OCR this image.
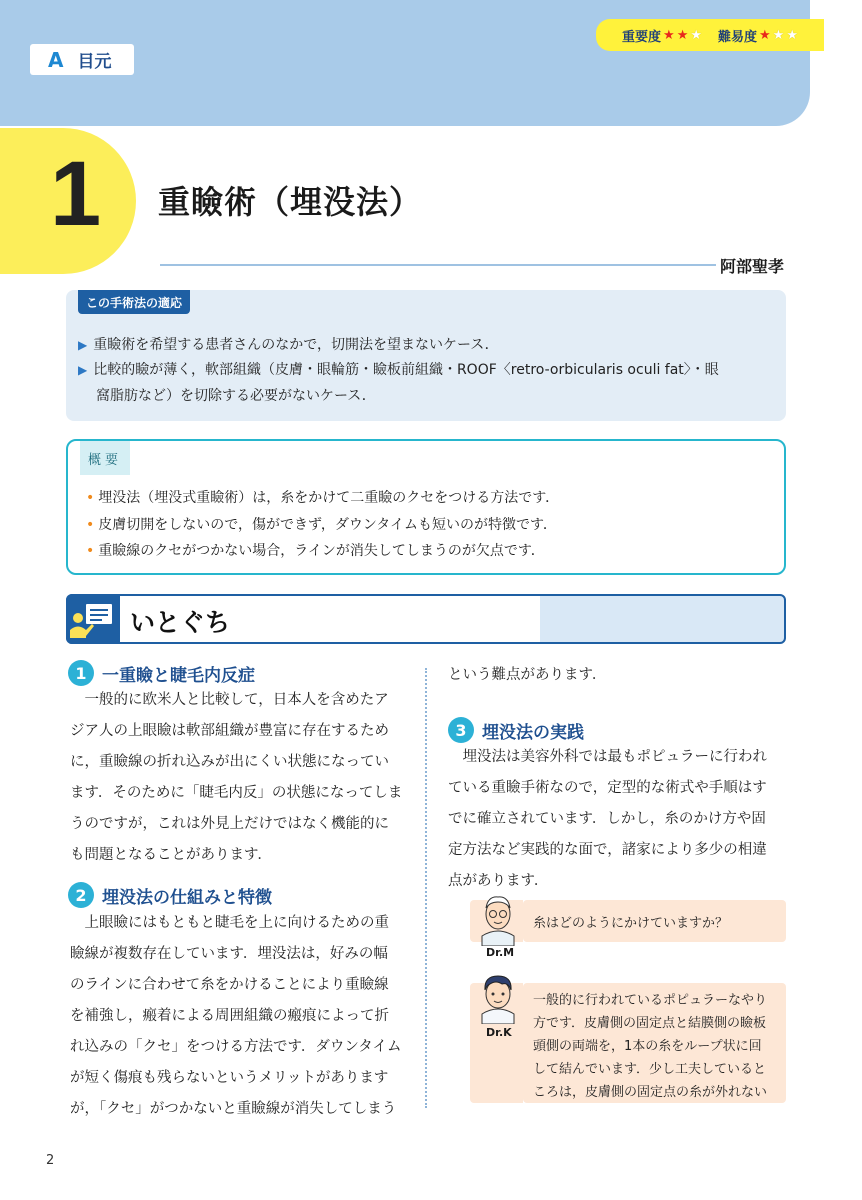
A 目元
重要度 ★ ★ ★ 難易度 ★ ★ ★
1 重瞼術（埋没法）
阿部聖孝
この手術法の適応
▶ 重瞼術を希望する患者さんのなかで，切開法を望まないケース．
▶ 比較的瞼が薄く，軟部組織（皮膚・眼輪筋・瞼板前組織・ROOF〈retro-orbicularis oculi fat〉・眼
窩脂肪など）を切除する必要がないケース．
概要
• 埋没法（埋没式重瞼術）は，糸をかけて二重瞼のクセをつける方法です．
• 皮膚切開をしないので，傷ができず，ダウンタイムも短いのが特徴です．
• 重瞼線のクセがつかない場合，ラインが消失してしまうのが欠点です．
いとぐち
1 一重瞼と睫毛内反症
一般的に欧米人と比較して，日本人を含めたア
ジア人の上眼瞼は軟部組織が豊富に存在するため
に，重瞼線の折れ込みが出にくい状態になってい
ます．そのために「睫毛内反」の状態になってしま
うのですが，これは外見上だけではなく機能的に
も問題となることがあります．
2 埋没法の仕組みと特徴
上眼瞼にはもともと睫毛を上に向けるための重
瞼線が複数存在しています．埋没法は，好みの幅
のラインに合わせて糸をかけることにより重瞼線
を補強し，瘢着による周囲組織の瘢痕によって折
れ込みの「クセ」をつける方法です．ダウンタイム
が短く傷痕も残らないというメリットがあります
が，「クセ」がつかないと重瞼線が消失してしまう
という難点があります．
3 埋没法の実践
埋没法は美容外科では最もポピュラーに行われ
ている重瞼手術なので，定型的な術式や手順はす
でに確立されています．しかし，糸のかけ方や固
定方法など実践的な面で，諸家により多少の相違
点があります．
Dr.M
糸はどのようにかけていますか？
Dr.K
一般的に行われているポピュラーなやり
方です．皮膚側の固定点と結膜側の瞼板
頭側の両端を，1本の糸をループ状に回
して結んでいます．少し工夫していると
ころは，皮膚側の固定点の糸が外れない
2
